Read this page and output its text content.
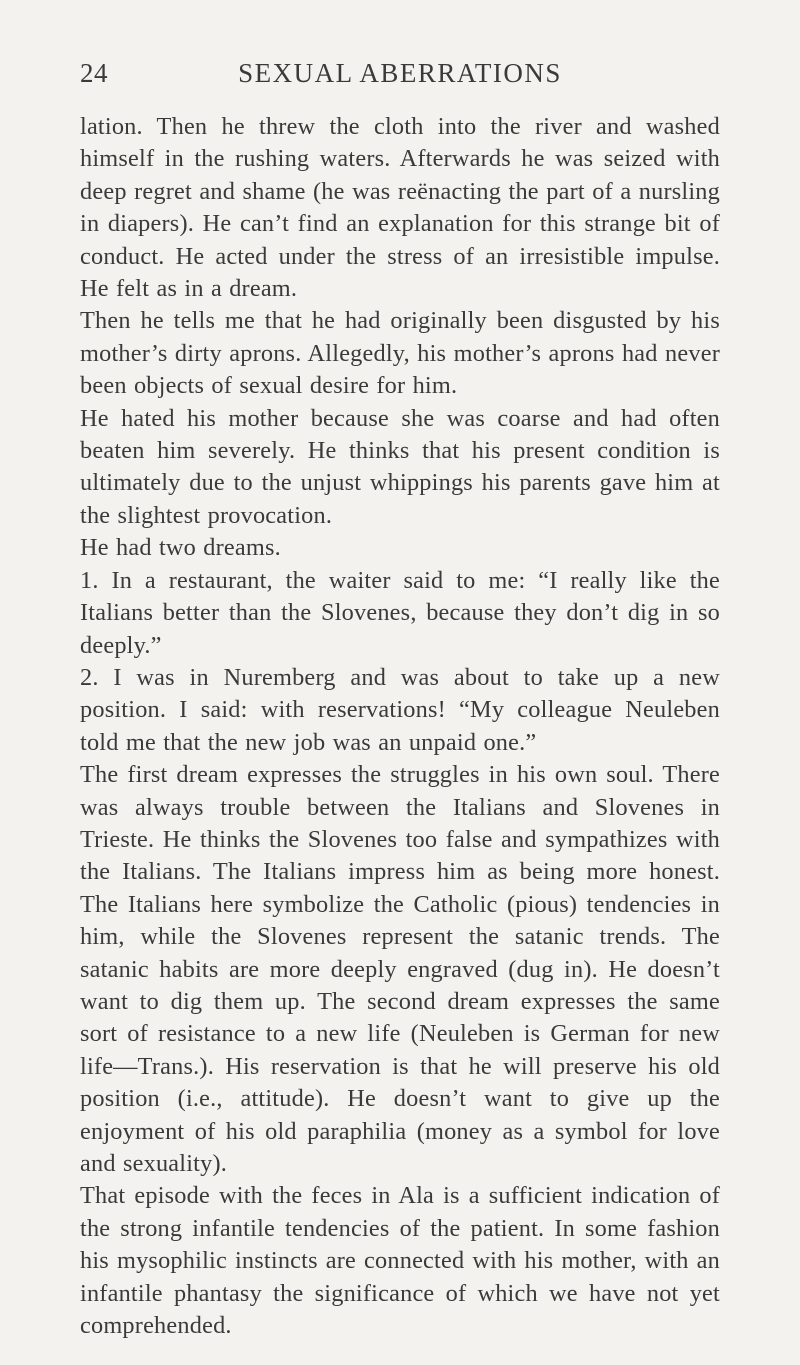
24	SEXUAL ABERRATIONS

lation. Then he threw the cloth into the river and washed himself in the rushing waters. Afterwards he was seized with deep regret and shame (he was reënacting the part of a nursling in diapers). He can’t find an explanation for this strange bit of conduct. He acted under the stress of an irresistible impulse. He felt as in a dream.

Then he tells me that he had originally been disgusted by his mother’s dirty aprons. Allegedly, his mother’s aprons had never been objects of sexual desire for him.

He hated his mother because she was coarse and had often beaten him severely. He thinks that his present condition is ultimately due to the unjust whippings his parents gave him at the slightest provocation.

He had two dreams.

1. In a restaurant, the waiter said to me: “I really like the Italians better than the Slovenes, because they don’t dig in so deeply.”

2. I was in Nuremberg and was about to take up a new position. I said: with reservations! “My colleague Neuleben told me that the new job was an unpaid one.”

The first dream expresses the struggles in his own soul. There was always trouble between the Italians and Slovenes in Trieste. He thinks the Slovenes too false and sympathizes with the Italians. The Italians impress him as being more honest. The Italians here symbolize the Catholic (pious) tendencies in him, while the Slovenes represent the satanic trends. The satanic habits are more deeply engraved (dug in). He doesn’t want to dig them up. The second dream expresses the same sort of resistance to a new life (Neuleben is German for new life—Trans.). His reservation is that he will preserve his old position (i.e., attitude). He doesn’t want to give up the enjoyment of his old paraphilia (money as a symbol for love and sexuality).

That episode with the feces in Ala is a sufficient indication of the strong infantile tendencies of the patient. In some fashion his mysophilic instincts are connected with his mother, with an infantile phantasy the significance of which we have not yet comprehended.
